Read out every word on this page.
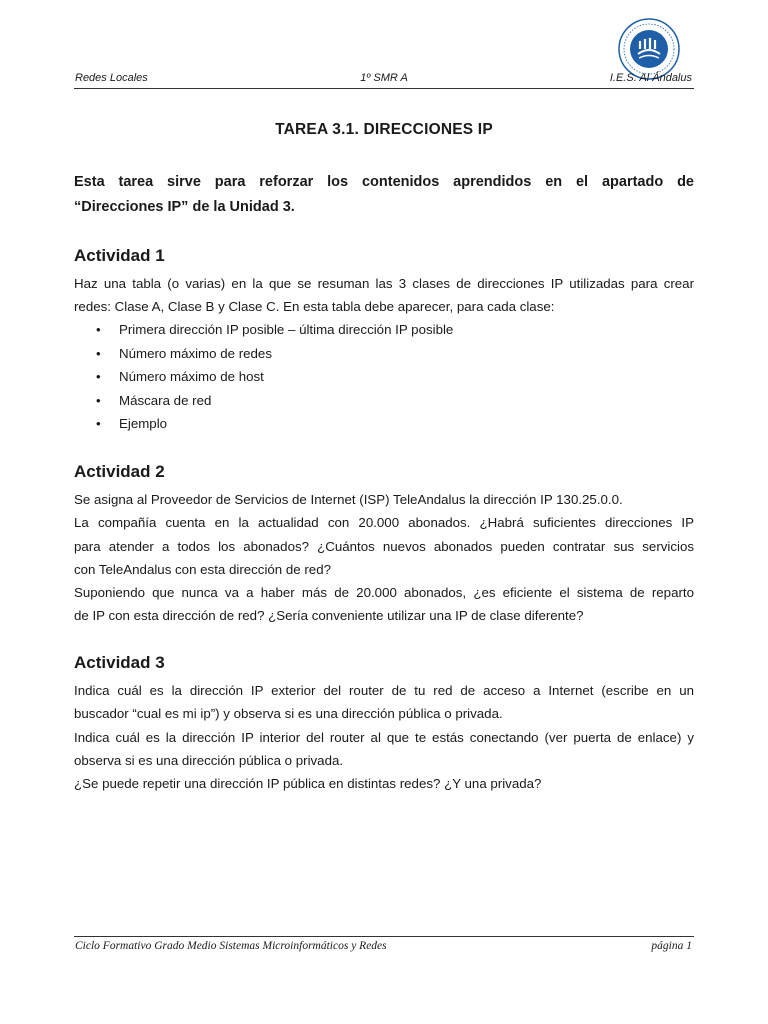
Redes Locales	1º SMR A	I.E.S. Al Ándalus
TAREA 3.1. DIRECCIONES IP
Esta tarea sirve para reforzar los contenidos aprendidos en el apartado de
“Direcciones IP” de la Unidad 3.
Actividad 1
Haz una tabla (o varias) en la que se resuman las 3 clases de direcciones IP utilizadas para crear
redes: Clase A, Clase B y Clase C. En esta tabla debe aparecer, para cada clase:
• Primera dirección IP posible – última dirección IP posible
• Número máximo de redes
• Número máximo de host
• Máscara de red
• Ejemplo
Actividad 2
Se asigna al Proveedor de Servicios de Internet (ISP) TeleAndalus la dirección IP 130.25.0.0.
La compañía cuenta en la actualidad con 20.000 abonados. ¿Habrá suficientes direcciones IP
para atender a todos los abonados? ¿Cuántos nuevos abonados pueden contratar sus servicios
con TeleAndalus con esta dirección de red?
Suponiendo que nunca va a haber más de 20.000 abonados, ¿es eficiente el sistema de reparto
de IP con esta dirección de red? ¿Sería conveniente utilizar una IP de clase diferente?
Actividad 3
Indica cuál es la dirección IP exterior del router de tu red de acceso a Internet (escribe en un
buscador “cual es mi ip”) y observa si es una dirección pública o privada.
Indica cuál es la dirección IP interior del router al que te estás conectando (ver puerta de enlace) y
observa si es una dirección pública o privada.
¿Se puede repetir una dirección IP pública en distintas redes? ¿Y una privada?
Ciclo Formativo Grado Medio Sistemas Microinformáticos y Redes	página 1
